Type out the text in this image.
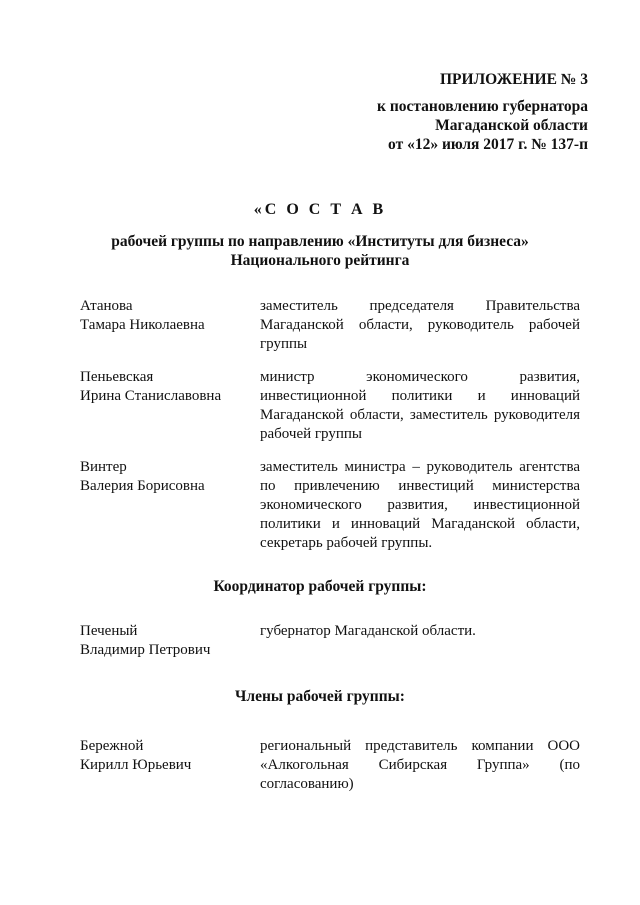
ПРИЛОЖЕНИЕ № 3
к постановлению губернатора
Магаданской области
от «12» июля 2017 г. № 137-п
«С О С Т А В
рабочей группы по направлению «Институты для бизнеса»
Национального рейтинга
Атанова
Тамара Николаевна
заместитель председателя Правительства Магаданской области, руководитель рабочей группы
Пеньевская
Ирина Станиславовна
министр экономического развития, инвестиционной политики и инноваций Магаданской области, заместитель руководителя рабочей группы
Винтер
Валерия Борисовна
заместитель министра – руководитель агентства по привлечению инвестиций министерства экономического развития, инвестиционной политики и инноваций Магаданской области, секретарь рабочей группы.
Координатор рабочей группы:
Печеный
Владимир Петрович
губернатор Магаданской области.
Члены рабочей группы:
Бережной
Кирилл Юрьевич
региональный представитель компании ООО «Алкогольная Сибирская Группа» (по согласованию)
